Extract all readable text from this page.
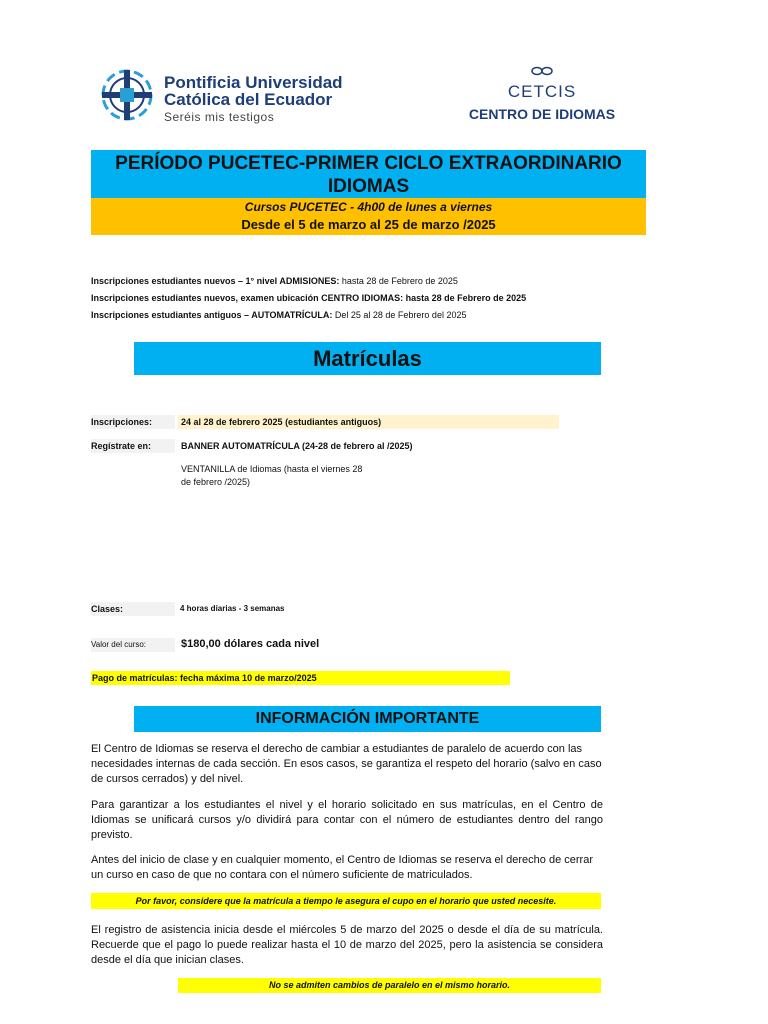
Pontificia Universidad
Católica del Ecuador
Seréis mis testigos
CETCIS
CENTRO DE IDIOMAS
PERÍODO PUCETEC-PRIMER CICLO EXTRAORDINARIO
IDIOMAS
Cursos PUCETEC - 4h00 de lunes a viernes
Desde el 5 de marzo al 25 de marzo /2025
Inscripciones estudiantes nuevos – 1° nivel ADMISIONES: hasta 28 de Febrero de 2025
Inscripciones estudiantes nuevos, examen ubicación CENTRO IDIOMAS: hasta 28 de Febrero de 2025
Inscripciones estudiantes antiguos – AUTOMATRÍCULA: Del 25 al 28 de Febrero del 2025
Matrículas
Inscripciones:	24 al 28 de febrero 2025 (estudiantes antiguos)
Regístrate en:	BANNER AUTOMATRÍCULA (24-28 de febrero al /2025)
VENTANILLA de Idiomas (hasta el viernes 28
de febrero /2025)
Clases:	4 horas diarias - 3 semanas
Valor del curso:	$180,00 dólares cada nivel
Pago de matrículas: fecha máxima 10 de marzo/2025
INFORMACIÓN IMPORTANTE
El Centro de Idiomas se reserva el derecho de cambiar a estudiantes de paralelo de acuerdo con las necesidades internas de cada sección. En esos casos, se garantiza el respeto del horario (salvo en caso de cursos cerrados) y del nivel.
Para garantizar a los estudiantes el nivel y el horario solicitado en sus matrículas, en el Centro de Idiomas se unificará cursos y/o dividirá para contar con el número de estudiantes dentro del rango previsto.
Antes del inicio de clase y en cualquier momento, el Centro de Idiomas se reserva el derecho de cerrar un curso en caso de que no contara con el número suficiente de matriculados.
Por favor, considere que la matrícula a tiempo le asegura el cupo en el horario que usted necesite.
El registro de asistencia inicia desde el miércoles 5 de marzo del 2025 o desde el día de su matrícula. Recuerde que el pago lo puede realizar hasta el 10 de marzo del 2025, pero la asistencia se considera desde el día que inician clases.
No se admiten cambios de paralelo en el mismo horario.
